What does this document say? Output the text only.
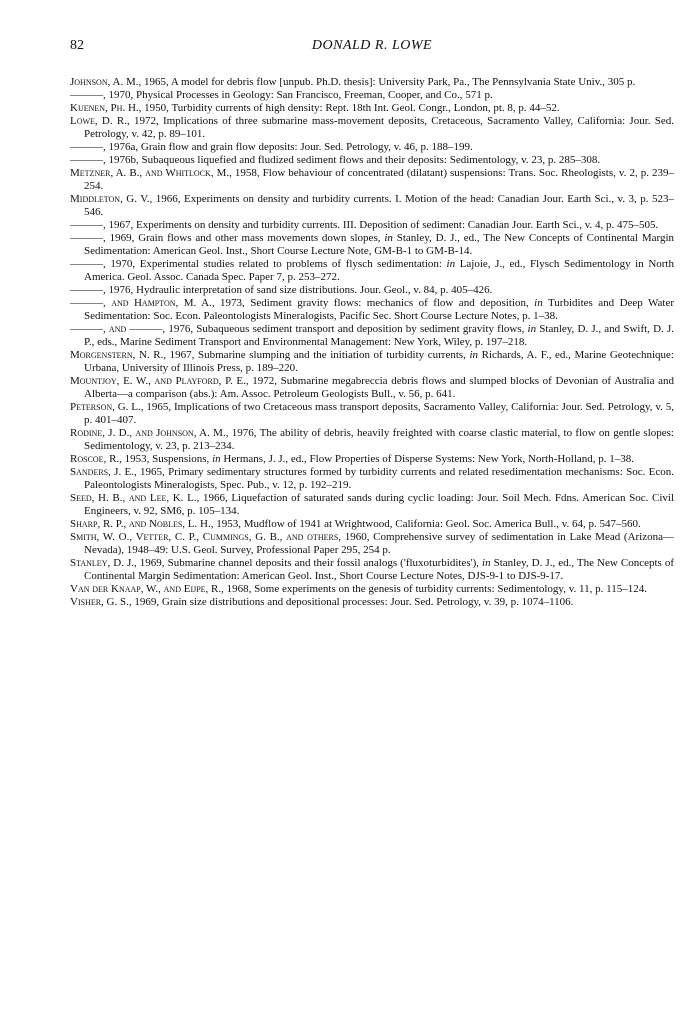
82	DONALD R. LOWE

Johnson, A. M., 1965, A model for debris flow [unpub. Ph.D. thesis]: University Park, Pa., The Pennsylvania State Univ., 305 p.

———, 1970, Physical Processes in Geology: San Francisco, Freeman, Cooper, and Co., 571 p.

Kuenen, Ph. H., 1950, Turbidity currents of high density: Rept. 18th Int. Geol. Congr., London, pt. 8, p. 44–52.

Lowe, D. R., 1972, Implications of three submarine mass-movement deposits, Cretaceous, Sacramento Valley, California: Jour. Sed. Petrology, v. 42, p. 89–101.

———, 1976a, Grain flow and grain flow deposits: Jour. Sed. Petrology, v. 46, p. 188–199.

———, 1976b, Subaqueous liquefied and fludized sediment flows and their deposits: Sedimentology, v. 23, p. 285–308.

Metzner, A. B., and Whitlock, M., 1958, Flow behaviour of concentrated (dilatant) suspensions: Trans. Soc. Rheologists, v. 2, p. 239–254.

Middleton, G. V., 1966, Experiments on density and turbidity currents. I. Motion of the head: Canadian Jour. Earth Sci., v. 3, p. 523–546.

———, 1967, Experiments on density and turbidity currents. III. Deposition of sediment: Canadian Jour. Earth Sci., v. 4, p. 475–505.

———, 1969, Grain flows and other mass movements down slopes, in Stanley, D. J., ed., The New Concepts of Continental Margin Sedimentation: American Geol. Inst., Short Course Lecture Note, GM-B-1 to GM-B-14.

———, 1970, Experimental studies related to problems of flysch sedimentation: in Lajoie, J., ed., Flysch Sedimentology in North America. Geol. Assoc. Canada Spec. Paper 7, p. 253–272.

———, 1976, Hydraulic interpretation of sand size distributions. Jour. Geol., v. 84, p. 405–426.

———, and Hampton, M. A., 1973, Sediment gravity flows: mechanics of flow and deposition, in Turbidites and Deep Water Sedimentation: Soc. Econ. Paleontologists Mineralogists, Pacific Sec. Short Course Lecture Notes, p. 1–38.

———, and ———, 1976, Subaqueous sediment transport and deposition by sediment gravity flows, in Stanley, D. J., and Swift, D. J. P., eds., Marine Sediment Transport and Environmental Management: New York, Wiley, p. 197–218.

Morgenstern, N. R., 1967, Submarine slumping and the initiation of turbidity currents, in Richards, A. F., ed., Marine Geotechnique: Urbana, University of Illinois Press, p. 189–220.

Mountjoy, E. W., and Playford, P. E., 1972, Submarine megabreccia debris flows and slumped blocks of Devonian of Australia and Alberta—a comparison (abs.): Am. Assoc. Petroleum Geologists Bull., v. 56, p. 641.

Peterson, G. L., 1965, Implications of two Cretaceous mass transport deposits, Sacramento Valley, California: Jour. Sed. Petrology, v. 5, p. 401–407.

Rodine, J. D., and Johnson, A. M., 1976, The ability of debris, heavily freighted with coarse clastic material, to flow on gentle slopes: Sedimentology, v. 23, p. 213–234.

Roscoe, R., 1953, Suspensions, in Hermans, J. J., ed., Flow Properties of Disperse Systems: New York, North-Holland, p. 1–38.

Sanders, J. E., 1965, Primary sedimentary structures formed by turbidity currents and related resedimentation mechanisms: Soc. Econ. Paleontologists Mineralogists, Spec. Pub., v. 12, p. 192–219.

Seed, H. B., and Lee, K. L., 1966, Liquefaction of saturated sands during cyclic loading: Jour. Soil Mech. Fdns. American Soc. Civil Engineers, v. 92, SM6, p. 105–134.

Sharp, R. P., and Nobles, L. H., 1953, Mudflow of 1941 at Wrightwood, California: Geol. Soc. America Bull., v. 64, p. 547–560.

Smith, W. O., Vetter, C. P., Cummings, G. B., and others, 1960, Comprehensive survey of sedimentation in Lake Mead (Arizona—Nevada), 1948–49: U.S. Geol. Survey, Professional Paper 295, 254 p.

Stanley, D. J., 1969, Submarine channel deposits and their fossil analogs ('fluxoturbidites'), in Stanley, D. J., ed., The New Concepts of Continental Margin Sedimentation: American Geol. Inst., Short Course Lecture Notes, DJS-9-1 to DJS-9-17.

Van der Knaap, W., and Eijpe, R., 1968, Some experiments on the genesis of turbidity currents: Sedimentology, v. 11, p. 115–124.

Visher, G. S., 1969, Grain size distributions and depositional processes: Jour. Sed. Petrology, v. 39, p. 1074–1106.
